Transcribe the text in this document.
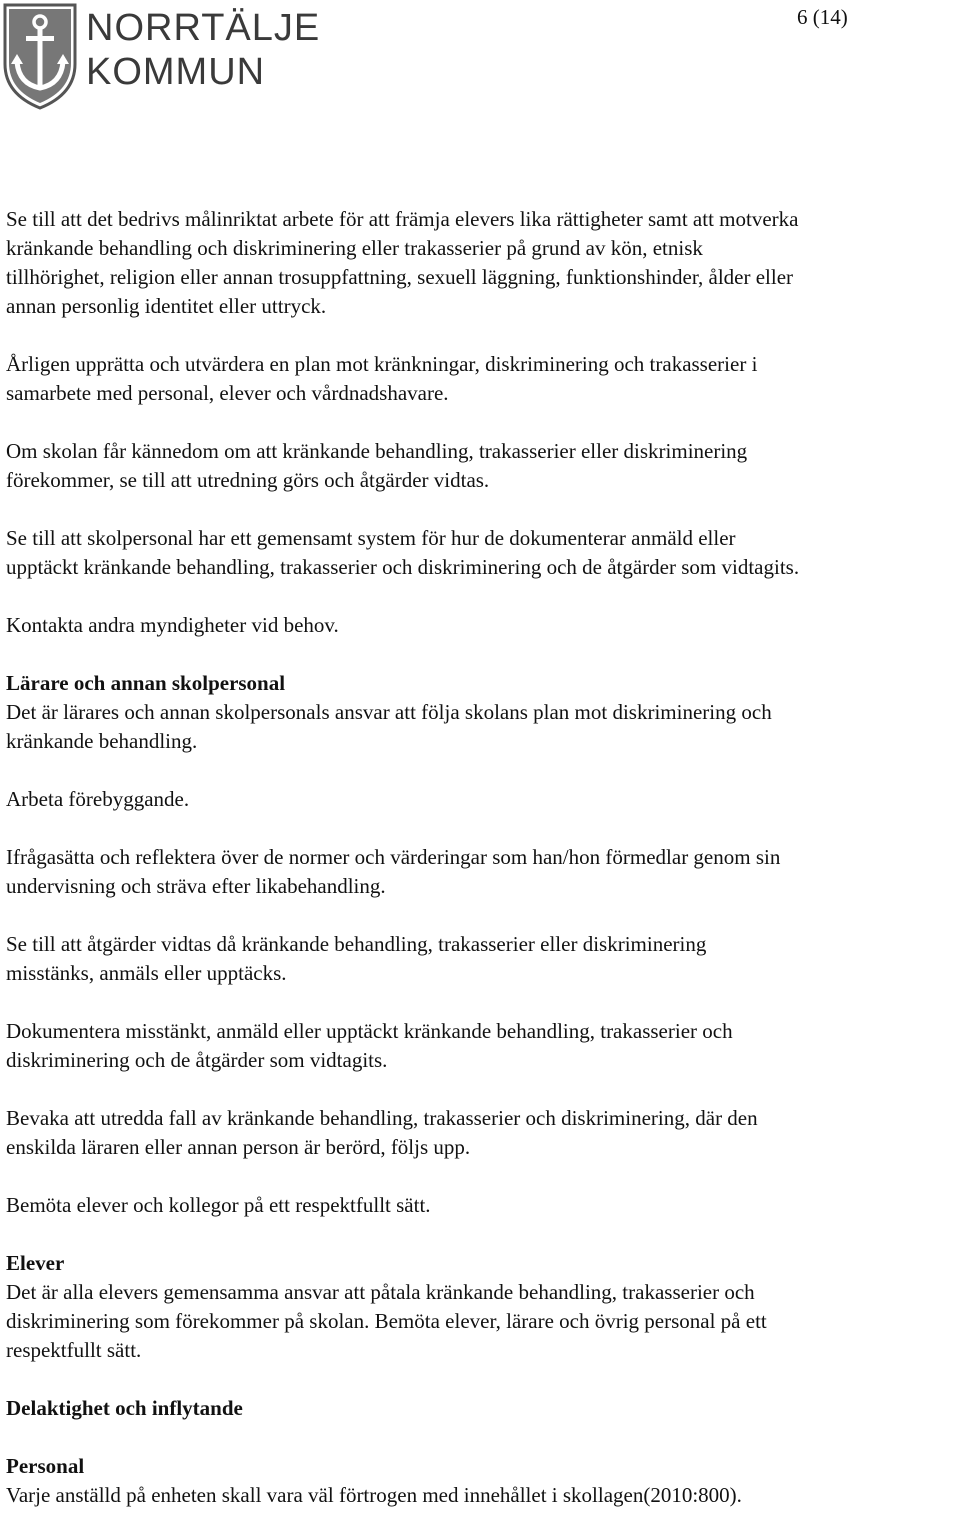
NORRTÄLJE
KOMMUN
6 (14)

Se till att det bedrivs målinriktat arbete för att främja elevers lika rättigheter samt att motverka
kränkande behandling och diskriminering eller trakasserier på grund av kön, etnisk
tillhörighet, religion eller annan trosuppfattning, sexuell läggning, funktionshinder, ålder eller
annan personlig identitet eller uttryck.

Årligen upprätta och utvärdera en plan mot kränkningar, diskriminering och trakasserier i
samarbete med personal, elever och vårdnadshavare.

Om skolan får kännedom om att kränkande behandling, trakasserier eller diskriminering
förekommer, se till att utredning görs och åtgärder vidtas.

Se till att skolpersonal har ett gemensamt system för hur de dokumenterar anmäld eller
upptäckt kränkande behandling, trakasserier och diskriminering och de åtgärder som vidtagits.

Kontakta andra myndigheter vid behov.

Lärare och annan skolpersonal

Det är lärares och annan skolpersonals ansvar att följa skolans plan mot diskriminering och
kränkande behandling.

Arbeta förebyggande.

Ifrågasätta och reflektera över de normer och värderingar som han/hon förmedlar genom sin
undervisning och sträva efter likabehandling.

Se till att åtgärder vidtas då kränkande behandling, trakasserier eller diskriminering
misstänks, anmäls eller upptäcks.

Dokumentera misstänkt, anmäld eller upptäckt kränkande behandling, trakasserier och
diskriminering och de åtgärder som vidtagits.

Bevaka att utredda fall av kränkande behandling, trakasserier och diskriminering, där den
enskilda läraren eller annan person är berörd, följs upp.

Bemöta elever och kollegor på ett respektfullt sätt.

Elever

Det är alla elevers gemensamma ansvar att påtala kränkande behandling, trakasserier och
diskriminering som förekommer på skolan. Bemöta elever, lärare och övrig personal på ett
respektfullt sätt.

Delaktighet och inflytande
Personal

Varje anställd på enheten skall vara väl förtrogen med innehållet i skollagen(2010:800).
